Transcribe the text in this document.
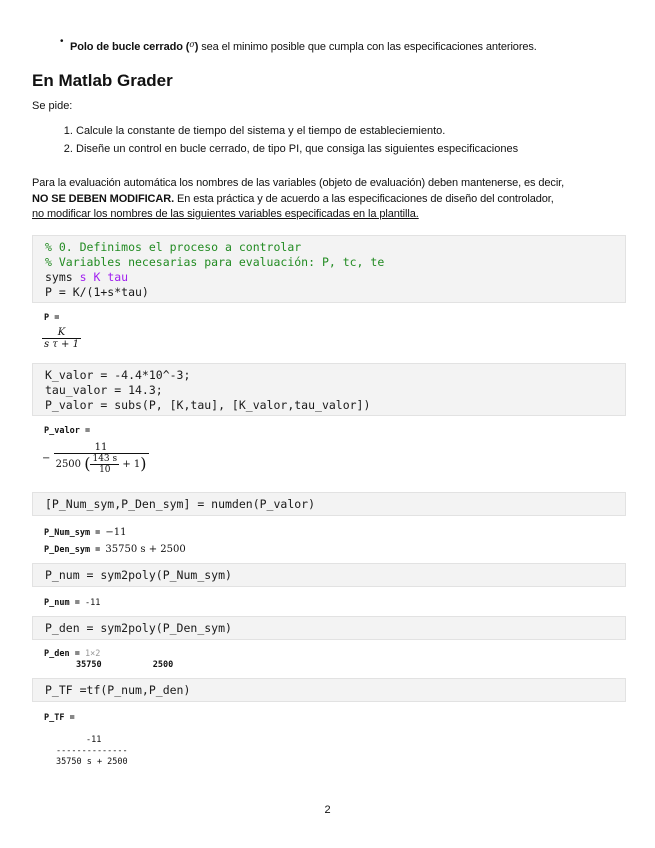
• Polo de bucle cerrado ($^\sigma$) sea el minimo posible que cumpla con las especificaciones anteriores.
En Matlab Grader
Se pide:
1. Calcule la constante de tiempo del sistema y el tiempo de estableciemiento.
2. Diseñe un control en bucle cerrado, de tipo PI, que consiga las siguientes especificaciones
Para la evaluación automática los nombres de las variables (objeto de evaluación) deben mantenerse, es decir,
NO SE DEBEN MODIFICAR. En esta práctica y de acuerdo a las especificaciones de diseño del controlador,
no modificar los nombres de las siguientes variables especificadas en la plantilla.
% 0. Definimos el proceso a controlar
% Variables necesarias para evaluación: P, tc, te
syms s K tau
P = K/(1+s*tau)
P =
$\frac{K}{\text{s τ + 1}}$
K_valor = -4.4*10^-3;
tau_valor = 14.3;
P_valor = subs(P, [K,tau], [K_valor,tau_valor])
P_valor =
− $\frac{11}{2500 ( \frac{143 s}{10} + 1)}$
[P_Num_sym,P_Den_sym] = numden(P_valor)
P_Num_sym = −11
P_Den_sym = 35750 s + 2500
P_num = sym2poly(P_Num_sym)
P_num = -11
P_den = sym2poly(P_Den_sym)
P_den = 1×2
35750	2500
P_TF =tf(P_num,P_den)
P_TF =
-11
--------------
35750 s + 2500
2
